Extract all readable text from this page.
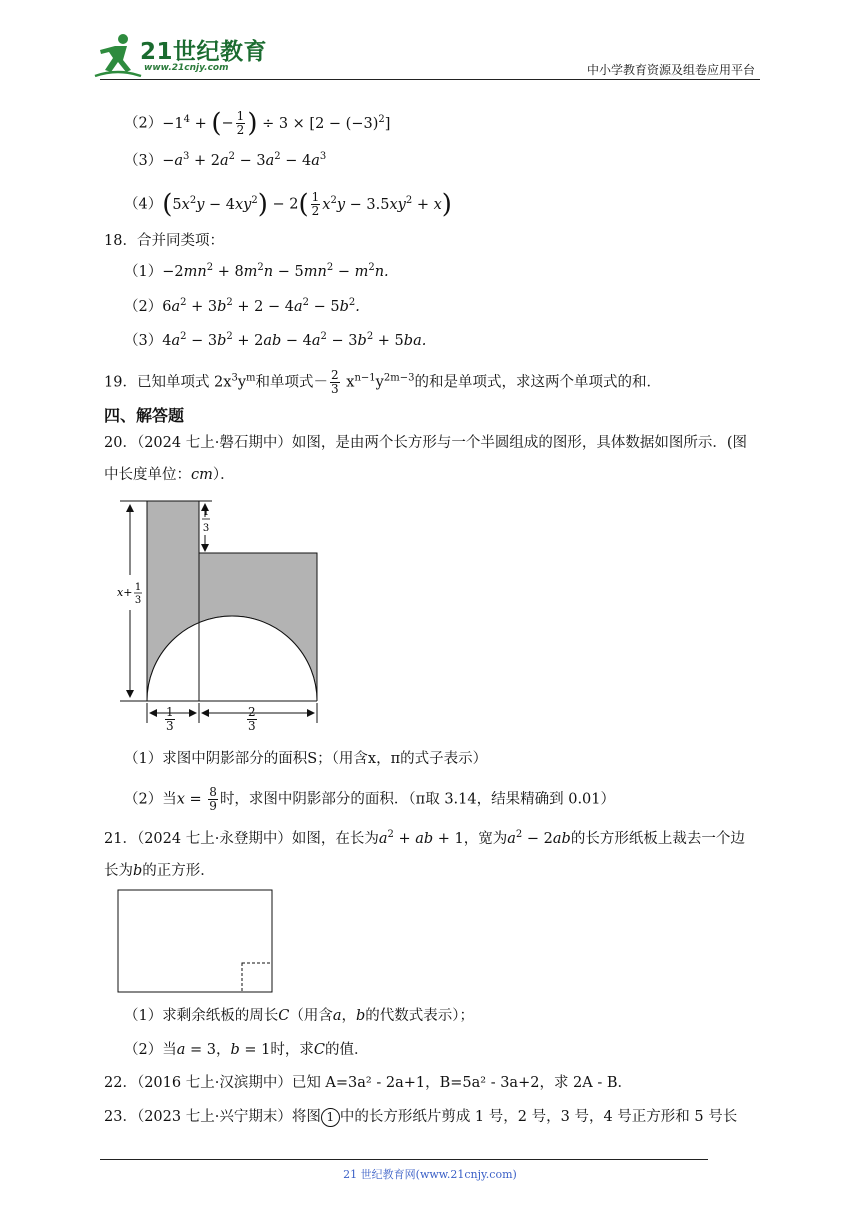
21世纪教育
www.21cnjy.com	中小学教育资源及组卷应用平台
$(2)-1^4$ + (− $\frac{1}{2}$ ) ÷ $3 \times [2 - (-3)^2]$
$(3)-a^3 + 2a^2 - 3a^2 - 4a^3$
$(4)(5x^2y - 4xy^2) - 2( \frac{1}{2} x^2y - 3.5xy^2 + x)$
18．合并同类项：
$(1)-2mn^2 + 8m^2n - 5mn^2 - m^2n$.
$(2)6a^2 + 3b^2 + 2 - 4a^2 - 5b^2$.
$(3)4a^2 - 3b^2 + 2ab - 4a^2 - 3b^2 + 5ba$.
19．已知单项式 $2x^3y^m$和单项式－ $\frac{2}{3} x^{n-1}y^{2m-3}$的和是单项式，求这两个单项式的和．
四、解答题
20．（2024 七上·磐石期中）如图，是由两个长方形与一个半圆组成的图形，具体数据如图所示．(图
中长度单位：cm）．
x+ 1
3
1
3
$\frac{1}{3}$	$\frac{2}{3}$
（1）求图中阴影部分的面积S；（用含x，π的式子表示）
（2）当$x = \frac{8}{9}$ 时，求图中阴影部分的面积．（π取 3.14，结果精确到 0.01）
21．（2024 七上·永登期中）如图，在长为$a^2$ + ab + 1，宽为$a^2 - 2ab$的长方形纸板上裁去一个边
长为b的正方形．
（1）求剩余纸板的周长C（用含a，b的代数式表示）；
（2）当a = 3，b = 1时，求C的值．
22．（2016 七上·汉滨期中）已知 A=3a² - 2a+1，B=5a² - 3a+2，求 2A - B．
23．（2023 七上·兴宁期末）将图 1 中的长方形纸片剪成 1 号，2 号，3 号，4 号正方形和 5 号长
21 世纪教育网(www.21cnjy.com)
